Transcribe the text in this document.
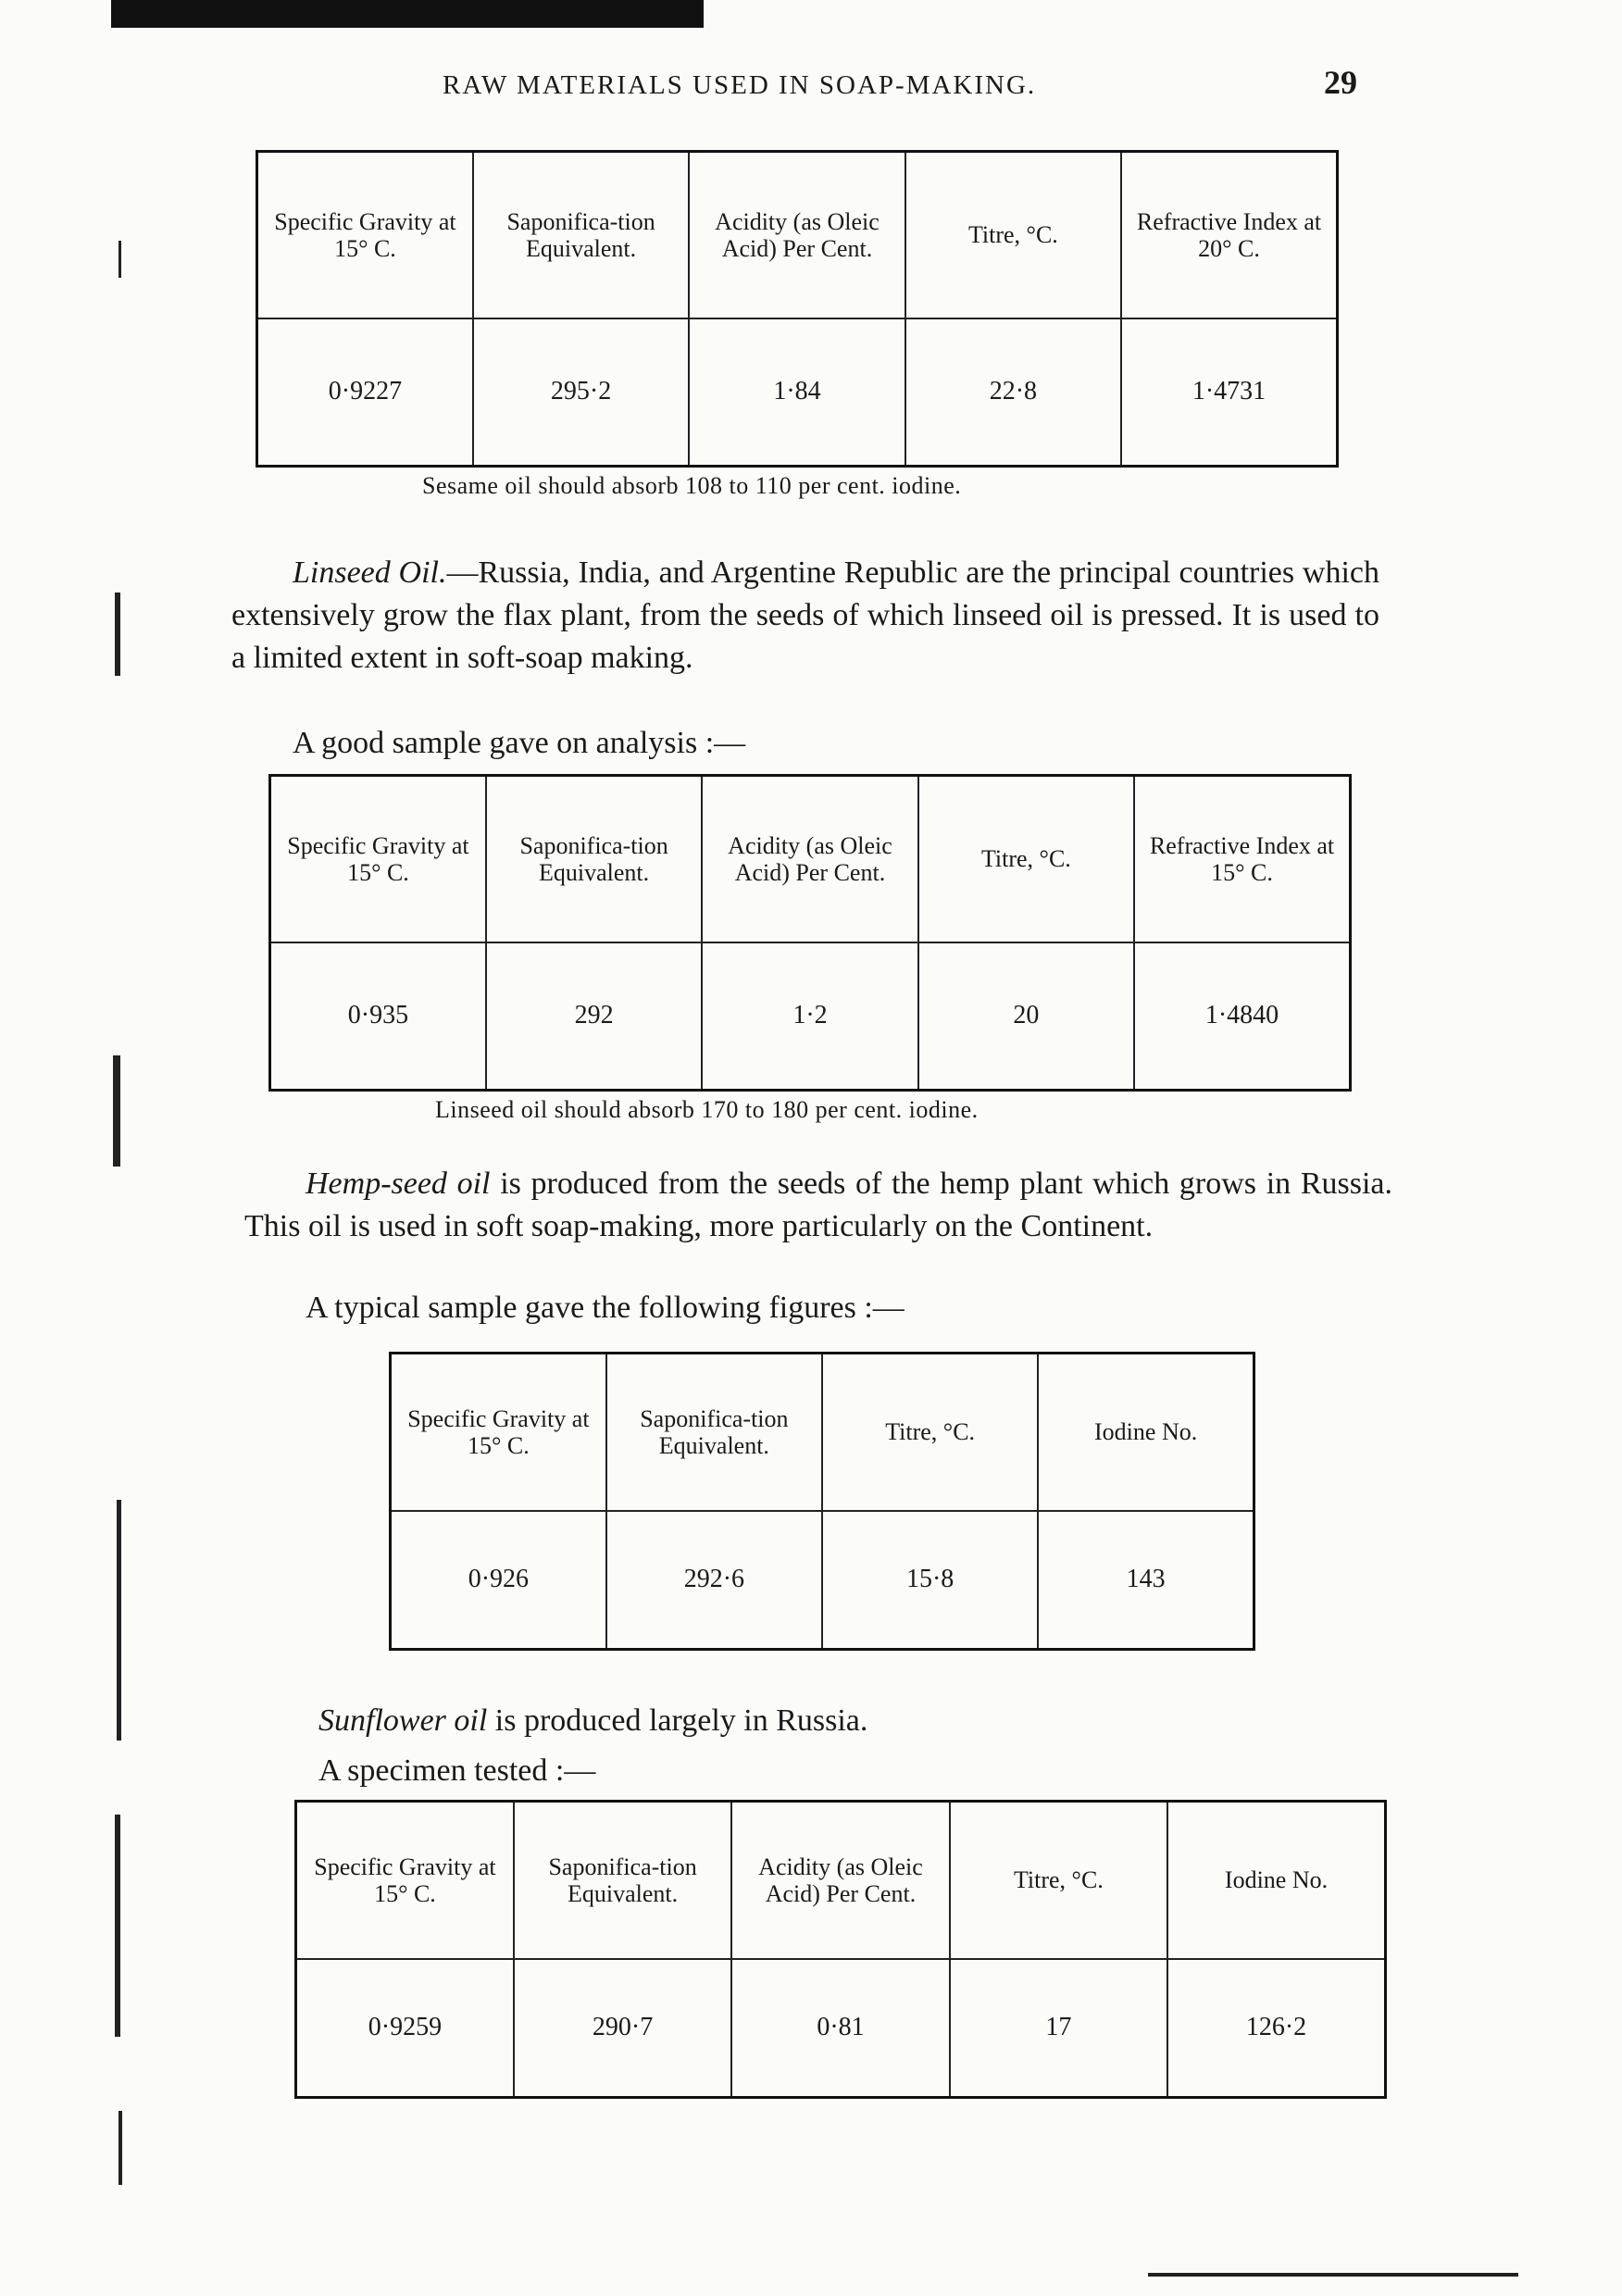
RAW MATERIALS USED IN SOAP-MAKING.	29
Specific Gravity at 15° C.	Saponifica-tion Equivalent.	Acidity (as Oleic Acid) Per Cent.	Titre, °C.	Refractive Index at 20° C.
0·9227	295·2	1·84	22·8	1·4731
Sesame oil should absorb 108 to 110 per cent. iodine.
Linseed Oil.—Russia, India, and Argentine Republic are the principal countries which extensively grow the flax plant, from the seeds of which linseed oil is pressed. It is used to a limited extent in soft-soap making.
A good sample gave on analysis :—
Specific Gravity at 15° C.	Saponifica-tion Equivalent.	Acidity (as Oleic Acid) Per Cent.	Titre, °C.	Refractive Index at 15° C.
0·935	292	1·2	20	1·4840
Linseed oil should absorb 170 to 180 per cent. iodine.
Hemp-seed oil is produced from the seeds of the hemp plant which grows in Russia. This oil is used in soft soap-making, more particularly on the Continent.
A typical sample gave the following figures :—
Specific Gravity at 15° C.	Saponifica-tion Equivalent.	Titre, °C.	Iodine No.
0·926	292·6	15·8	143
Sunflower oil is produced largely in Russia.
A specimen tested :—
Specific Gravity at 15° C.	Saponifica-tion Equivalent.	Acidity (as Oleic Acid) Per Cent.	Titre, °C.	Iodine No.
0·9259	290·7	0·81	17	126·2
